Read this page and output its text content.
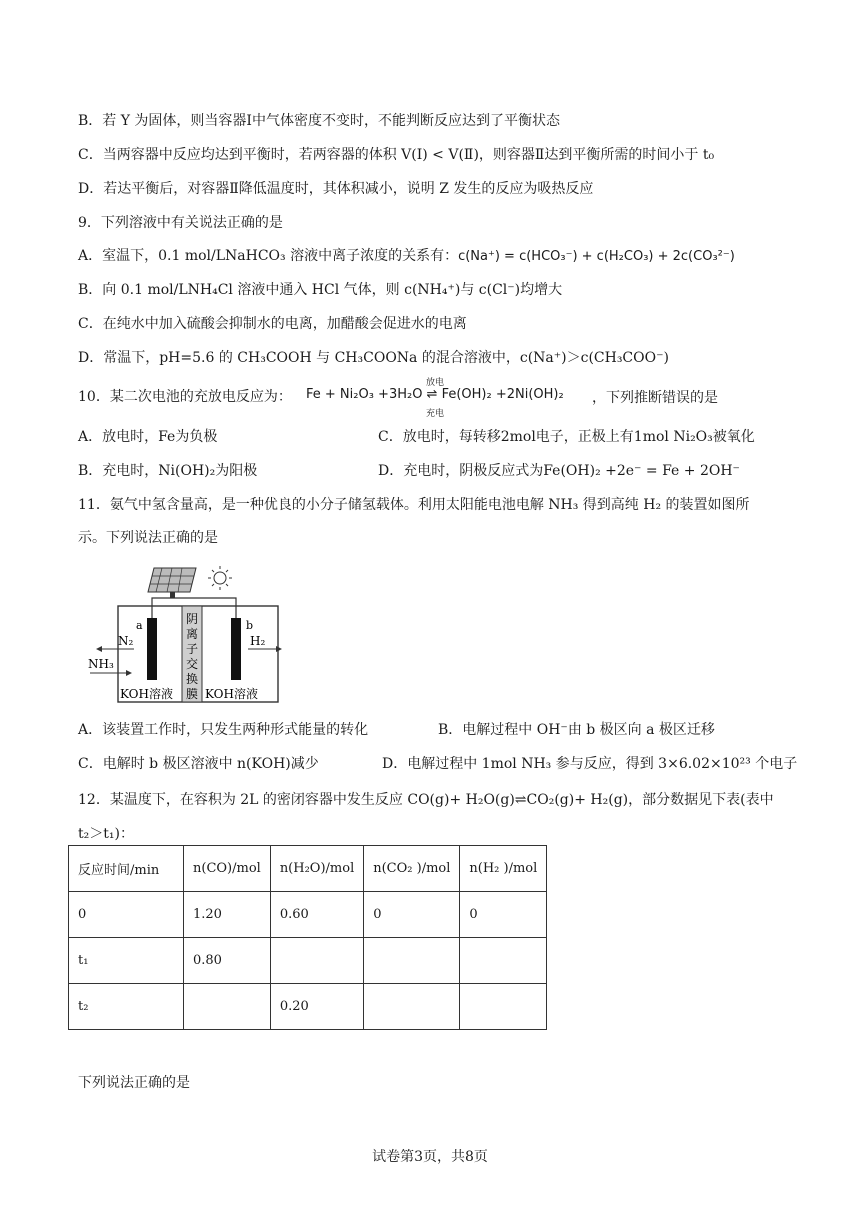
B．若 Y 为固体，则当容器Ⅰ中气体密度不变时，不能判断反应达到了平衡状态
C．当两容器中反应均达到平衡时，若两容器的体积 V(Ⅰ) < V(Ⅱ)，则容器Ⅱ达到平衡所需的时间小于 t₀
D．若达平衡后，对容器Ⅱ降低温度时，其体积减小，说明 Z 发生的反应为吸热反应
9．下列溶液中有关说法正确的是
A．室温下，0.1 mol/LNaHCO₃ 溶液中离子浓度的关系有：c(Na⁺) = c(HCO₃⁻) + c(H₂CO₃) + 2c(CO₃²⁻)
B．向 0.1 mol/LNH₄Cl 溶液中通入 HCl 气体，则 c(NH₄⁺)与 c(Cl⁻)均增大
C．在纯水中加入硫酸会抑制水的电离，加醋酸会促进水的电离
D．常温下，pH=5.6 的 CH₃COOH 与 CH₃COONa 的混合溶液中，c(Na⁺)＞c(CH₃COO⁻)
10．某二次电池的充放电反应为：
放电
Fe + Ni₂O₃ +3H₂O ⇌ Fe(OH)₂ +2Ni(OH)₂
充电
，下列推断错误的是
A．放电时，Fe为负极	C．放电时，每转移2mol电子，正极上有1mol Ni₂O₃被氧化
B．充电时，Ni(OH)₂为阳极	D．充电时，阴极反应式为Fe(OH)₂ +2e⁻ = Fe + 2OH⁻
11．氨气中氢含量高，是一种优良的小分子储氢载体。利用太阳能电池电解 NH₃ 得到高纯 H₂ 的装置如图所
示。下列说法正确的是
阴
离
子
交
换
膜
a	b
N₂
NH₃
H₂
KOH溶液	KOH溶液
A．该装置工作时，只发生两种形式能量的转化	B．电解过程中 OH⁻由 b 极区向 a 极区迁移
C．电解时 b 极区溶液中 n(KOH)减少	D．电解过程中 1mol NH₃ 参与反应，得到 3×6.02×10²³ 个电子
12．某温度下，在容积为 2L 的密闭容器中发生反应 CO(g)+ H₂O(g)⇌CO₂(g)+ H₂(g)，部分数据见下表(表中
t₂＞t₁)：
反应时间/min	n(CO)/mol	n(H₂O)/mol	n(CO₂ )/mol	n(H₂ )/mol
0	1.20	0.60	0	0
t₁	0.80			
t₂		0.20		
下列说法正确的是
试卷第3页，共8页
